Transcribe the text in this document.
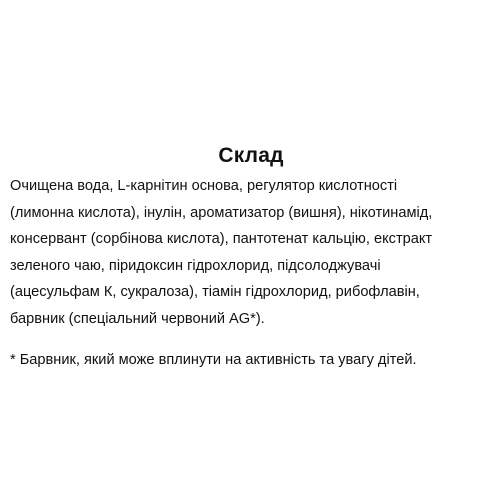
Склад

Очищена вода, L-карнітин основа, регулятор кислотності
(лимонна кислота), інулін, ароматизатор (вишня), нікотинамід,
консервант (сорбінова кислота), пантотенат кальцію, екстракт
зеленого чаю, піридоксин гідрохлорид, підсолоджувачі
(ацесульфам К, сукралоза), тіамін гідрохлорид, рибофлавін,
барвник (спеціальний червоний AG*).

* Барвник, який може вплинути на активність та увагу дітей.
